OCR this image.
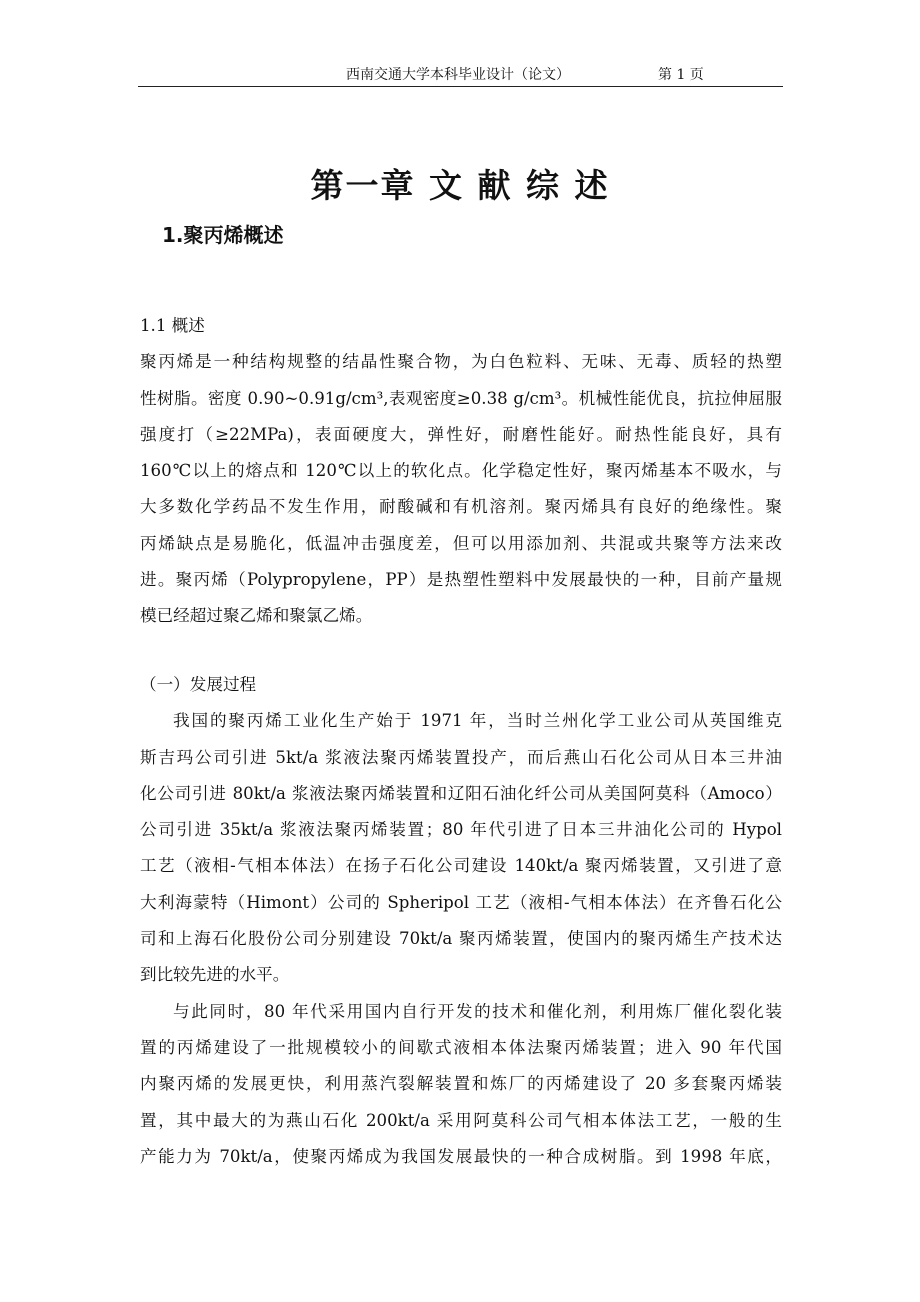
西南交通大学本科毕业设计（论文）	第 1 页
第一章 文 献 综 述
1.聚丙烯概述
1.1 概述
聚丙烯是一种结构规整的结晶性聚合物，为白色粒料、无味、无毒、质轻的热塑
性树脂。密度 0.90~0.91g/cm³,表观密度≥0.38 g/cm³。机械性能优良，抗拉伸屈服
强度打（≥22MPa)，表面硬度大，弹性好，耐磨性能好。耐热性能良好，具有
160℃以上的熔点和 120℃以上的软化点。化学稳定性好，聚丙烯基本不吸水，与
大多数化学药品不发生作用，耐酸碱和有机溶剂。聚丙烯具有良好的绝缘性。聚
丙烯缺点是易脆化，低温冲击强度差，但可以用添加剂、共混或共聚等方法来改
进。聚丙烯（Polypropylene，PP）是热塑性塑料中发展最快的一种，目前产量规
模已经超过聚乙烯和聚氯乙烯。
（一）发展过程
我国的聚丙烯工业化生产始于 1971 年，当时兰州化学工业公司从英国维克
斯吉玛公司引进 5kt/a 浆液法聚丙烯装置投产，而后燕山石化公司从日本三井油
化公司引进 80kt/a 浆液法聚丙烯装置和辽阳石油化纤公司从美国阿莫科（Amoco）
公司引进 35kt/a 浆液法聚丙烯装置；80 年代引进了日本三井油化公司的 Hypol
工艺（液相-气相本体法）在扬子石化公司建设 140kt/a 聚丙烯装置，又引进了意
大利海蒙特（Himont）公司的 Spheripol 工艺（液相-气相本体法）在齐鲁石化公
司和上海石化股份公司分别建设 70kt/a 聚丙烯装置，使国内的聚丙烯生产技术达
到比较先进的水平。
与此同时，80 年代采用国内自行开发的技术和催化剂，利用炼厂催化裂化装
置的丙烯建设了一批规模较小的间歇式液相本体法聚丙烯装置；进入 90 年代国
内聚丙烯的发展更快，利用蒸汽裂解装置和炼厂的丙烯建设了 20 多套聚丙烯装
置，其中最大的为燕山石化 200kt/a 采用阿莫科公司气相本体法工艺，一般的生
产能力为 70kt/a，使聚丙烯成为我国发展最快的一种合成树脂。到 1998 年底，
